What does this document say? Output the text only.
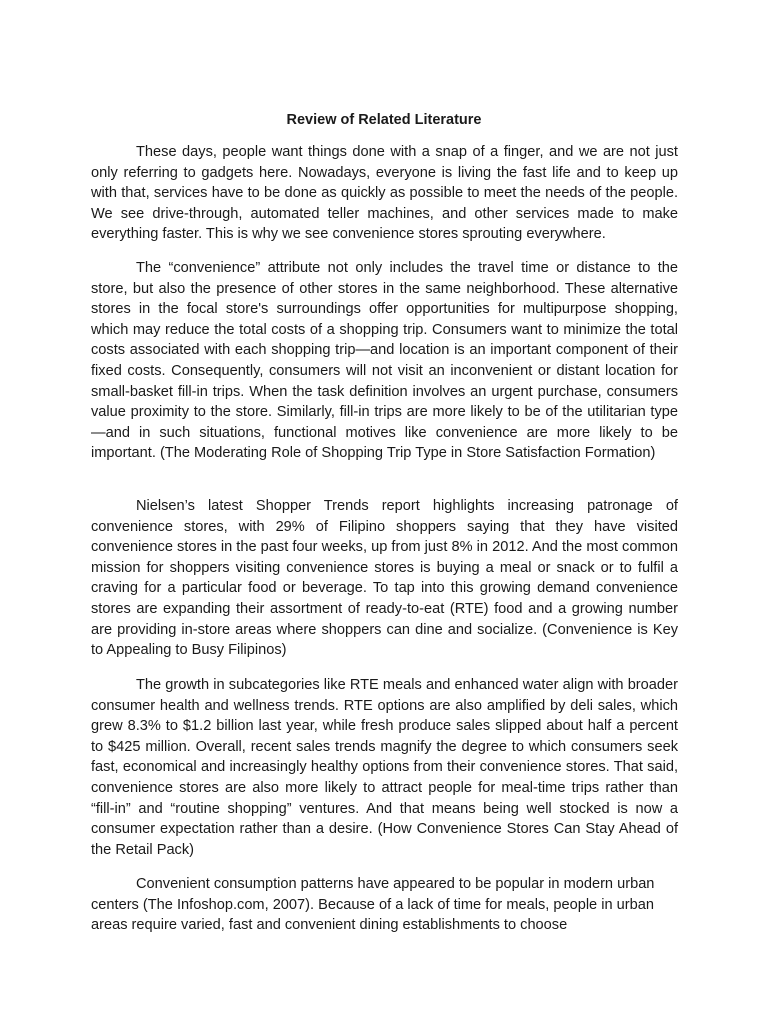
Review of Related Literature

These days, people want things done with a snap of a finger, and we are not just only referring to gadgets here. Nowadays, everyone is living the fast life and to keep up with that, services have to be done as quickly as possible to meet the needs of the people. We see drive-through, automated teller machines, and other services made to make everything faster. This is why we see convenience stores sprouting everywhere.

The “convenience” attribute not only includes the travel time or distance to the store, but also the presence of other stores in the same neighborhood. These alternative stores in the focal store's surroundings offer opportunities for multipurpose shopping, which may reduce the total costs of a shopping trip. Consumers want to minimize the total costs associated with each shopping trip—and location is an important component of their fixed costs. Consequently, consumers will not visit an inconvenient or distant location for small-basket fill-in trips. When the task definition involves an urgent purchase, consumers value proximity to the store. Similarly, fill-in trips are more likely to be of the utilitarian type—and in such situations, functional motives like convenience are more likely to be important. (The Moderating Role of Shopping Trip Type in Store Satisfaction Formation)

Nielsen’s latest Shopper Trends report highlights increasing patronage of convenience stores, with 29% of Filipino shoppers saying that they have visited convenience stores in the past four weeks, up from just 8% in 2012. And the most common mission for shoppers visiting convenience stores is buying a meal or snack or to fulfil a craving for a particular food or beverage. To tap into this growing demand convenience stores are expanding their assortment of ready-to-eat (RTE) food and a growing number are providing in-store areas where shoppers can dine and socialize. (Convenience is Key to Appealing to Busy Filipinos)

The growth in subcategories like RTE meals and enhanced water align with broader consumer health and wellness trends. RTE options are also amplified by deli sales, which grew 8.3% to $1.2 billion last year, while fresh produce sales slipped about half a percent to $425 million. Overall, recent sales trends magnify the degree to which consumers seek fast, economical and increasingly healthy options from their convenience stores. That said, convenience stores are also more likely to attract people for meal-time trips rather than “fill-in” and “routine shopping” ventures. And that means being well stocked is now a consumer expectation rather than a desire. (How Convenience Stores Can Stay Ahead of the Retail Pack)

Convenient consumption patterns have appeared to be popular in modern urban centers (The Infoshop.com, 2007). Because of a lack of time for meals, people in urban areas require varied, fast and convenient dining establishments to choose
